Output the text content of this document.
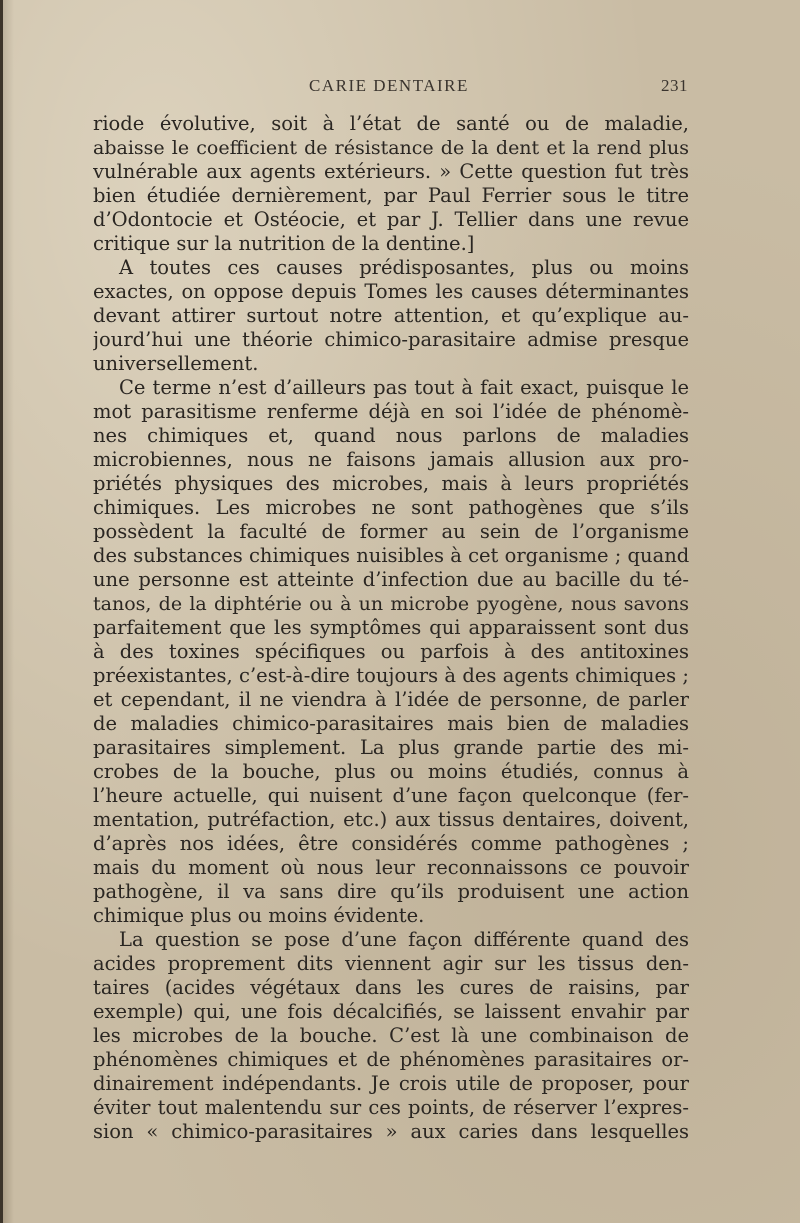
CARIE DENTAIRE	231
riode évolutive, soit à l’état de santé ou de maladie,
abaisse le coefficient de résistance de la dent et la rend plus
vulnérable aux agents extérieurs. » Cette question fut très
bien étudiée dernièrement, par Paul Ferrier sous le titre
d’Odontocie et Ostéocie, et par J. Tellier dans une revue
critique sur la nutrition de la dentine.]
A toutes ces causes prédisposantes, plus ou moins
exactes, on oppose depuis Tomes les causes déterminantes
devant attirer surtout notre attention, et qu’explique au-
jourd’hui une théorie chimico-parasitaire admise presque
universellement.
Ce terme n’est d’ailleurs pas tout à fait exact, puisque le
mot parasitisme renferme déjà en soi l’idée de phénomè-
nes chimiques et, quand nous parlons de maladies
microbiennes, nous ne faisons jamais allusion aux pro-
priétés physiques des microbes, mais à leurs propriétés
chimiques. Les microbes ne sont pathogènes que s’ils
possèdent la faculté de former au sein de l’organisme
des substances chimiques nuisibles à cet organisme ; quand
une personne est atteinte d’infection due au bacille du té-
tanos, de la diphtérie ou à un microbe pyogène, nous savons
parfaitement que les symptômes qui apparaissent sont dus
à des toxines spécifiques ou parfois à des antitoxines
préexistantes, c’est-à-dire toujours à des agents chimiques ;
et cependant, il ne viendra à l’idée de personne, de parler
de maladies chimico-parasitaires mais bien de maladies
parasitaires simplement. La plus grande partie des mi-
crobes de la bouche, plus ou moins étudiés, connus à
l’heure actuelle, qui nuisent d’une façon quelconque (fer-
mentation, putréfaction, etc.) aux tissus dentaires, doivent,
d’après nos idées, être considérés comme pathogènes ;
mais du moment où nous leur reconnaissons ce pouvoir
pathogène, il va sans dire qu’ils produisent une action
chimique plus ou moins évidente.
La question se pose d’une façon différente quand des
acides proprement dits viennent agir sur les tissus den-
taires (acides végétaux dans les cures de raisins, par
exemple) qui, une fois décalcifiés, se laissent envahir par
les microbes de la bouche. C’est là une combinaison de
phénomènes chimiques et de phénomènes parasitaires or-
dinairement indépendants. Je crois utile de proposer, pour
éviter tout malentendu sur ces points, de réserver l’expres-
sion « chimico-parasitaires » aux caries dans lesquelles
